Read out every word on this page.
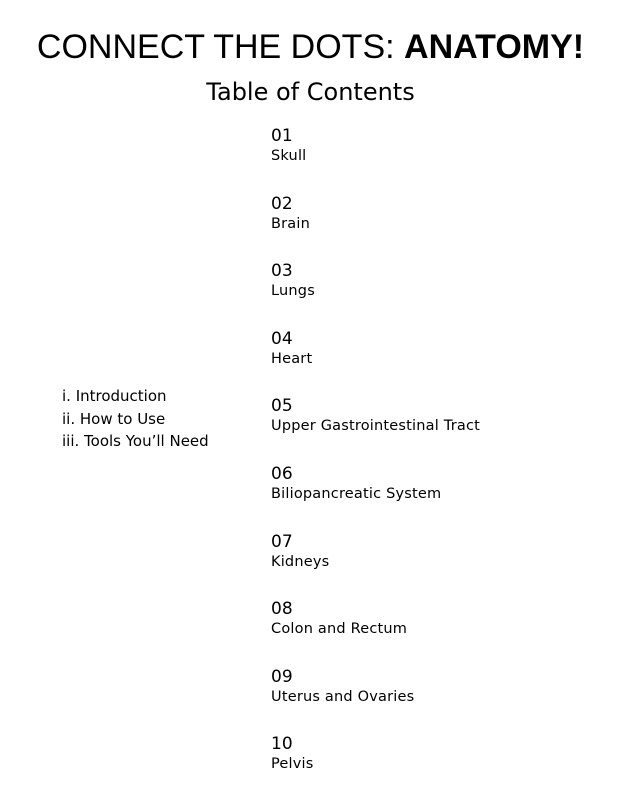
CONNECT THE DOTS: ANATOMY!
Table of Contents
i. Introduction
ii. How to Use
iii. Tools You’ll Need
01
Skull
02
Brain
03
Lungs
04
Heart
05
Upper Gastrointestinal Tract
06
Biliopancreatic System
07
Kidneys
08
Colon and Rectum
09
Uterus and Ovaries
10
Pelvis
